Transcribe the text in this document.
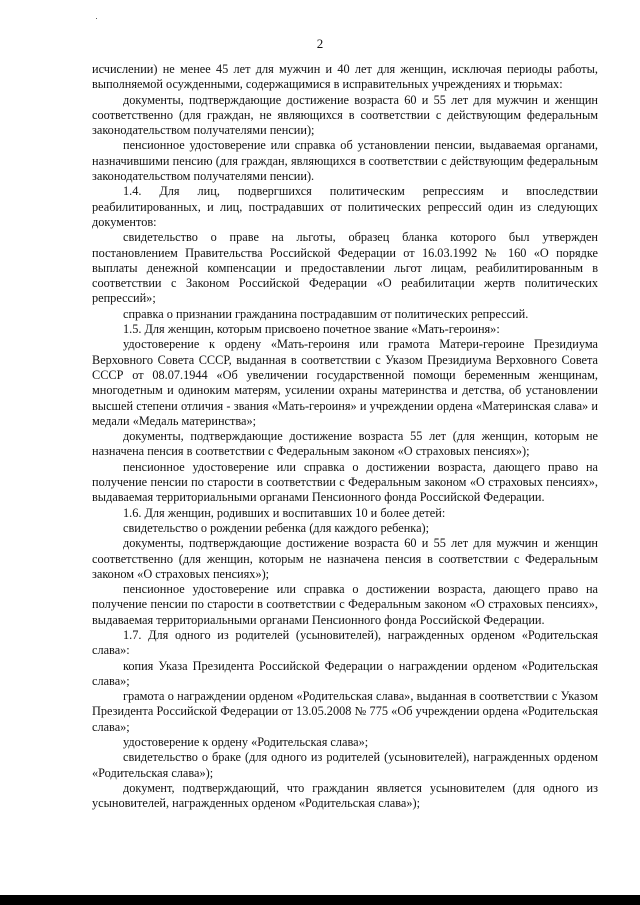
2

исчислении) не менее 45 лет для мужчин и 40 лет для женщин, исключая периоды работы, выполняемой осужденными, содержащимися в исправительных учреждениях и тюрьмах:

документы, подтверждающие достижение возраста 60 и 55 лет для мужчин и женщин соответственно (для граждан, не являющихся в соответствии с действующим федеральным законодательством получателями пенсии);

пенсионное удостоверение или справка об установлении пенсии, выдаваемая органами, назначившими пенсию (для граждан, являющихся в соответствии с действующим федеральным законодательством получателями пенсии).

1.4. Для лиц, подвергшихся политическим репрессиям и впоследствии реабилитированных, и лиц, пострадавших от политических репрессий один из следующих документов:

свидетельство о праве на льготы, образец бланка которого был утвержден постановлением Правительства Российской Федерации от 16.03.1992 № 160 «О порядке выплаты денежной компенсации и предоставлении льгот лицам, реабилитированным в соответствии с Законом Российской Федерации «О реабилитации жертв политических репрессий»;

справка о признании гражданина пострадавшим от политических репрессий.

1.5. Для женщин, которым присвоено почетное звание «Мать-героиня»:

удостоверение к ордену «Мать-героиня или грамота Матери-героине Президиума Верховного Совета СССР, выданная в соответствии с Указом Президиума Верховного Совета СССР от 08.07.1944 «Об увеличении государственной помощи беременным женщинам, многодетным и одиноким матерям, усилении охраны материнства и детства, об установлении высшей степени отличия - звания «Мать-героиня» и учреждении ордена «Материнская слава» и медали «Медаль материнства»;

документы, подтверждающие достижение возраста 55 лет (для женщин, которым не назначена пенсия в соответствии с Федеральным законом «О страховых пенсиях»);

пенсионное удостоверение или справка о достижении возраста, дающего право на получение пенсии по старости в соответствии с Федеральным законом «О страховых пенсиях», выдаваемая территориальными органами Пенсионного фонда Российской Федерации.

1.6. Для женщин, родивших и воспитавших 10 и более детей:

свидетельство о рождении ребенка (для каждого ребенка);

документы, подтверждающие достижение возраста 60 и 55 лет для мужчин и женщин соответственно (для женщин, которым не назначена пенсия в соответствии с Федеральным законом «О страховых пенсиях»);

пенсионное удостоверение или справка о достижении возраста, дающего право на получение пенсии по старости в соответствии с Федеральным законом «О страховых пенсиях», выдаваемая территориальными органами Пенсионного фонда Российской Федерации.

1.7. Для одного из родителей (усыновителей), награжденных орденом «Родительская слава»:

копия Указа Президента Российской Федерации о награждении орденом «Родительская слава»;

грамота о награждении орденом «Родительская слава», выданная в соответствии с Указом Президента Российской Федерации от 13.05.2008 № 775 «Об учреждении ордена «Родительская слава»;

удостоверение к ордену «Родительская слава»;

свидетельство о браке (для одного из родителей (усыновителей), награжденных орденом «Родительская слава»);

документ, подтверждающий, что гражданин является усыновителем (для одного из усыновителей, награжденных орденом «Родительская слава»);
